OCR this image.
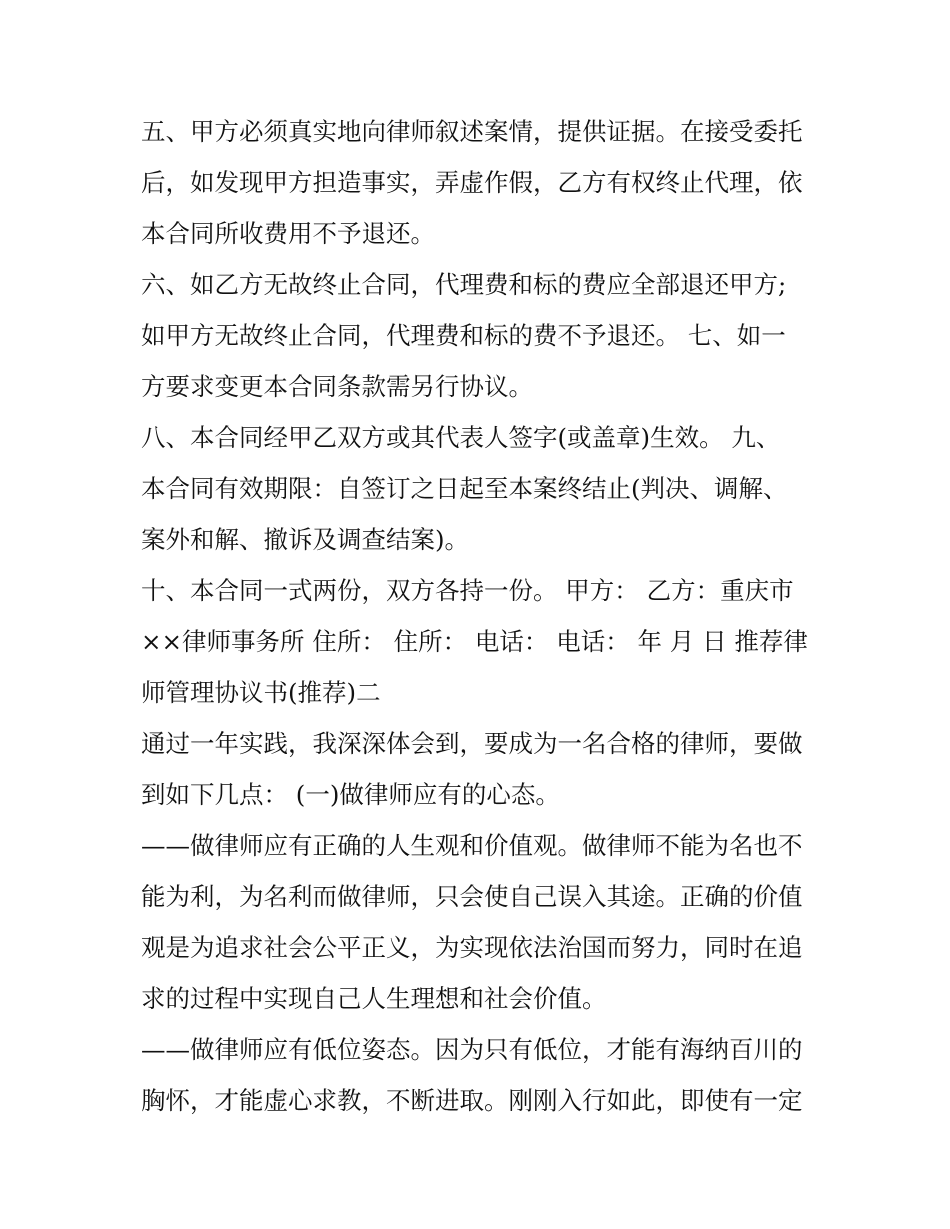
五、甲方必须真实地向律师叙述案情，提供证据。在接受委托
后，如发现甲方担造事实，弄虚作假，乙方有权终止代理，依
本合同所收费用不予退还。
六、如乙方无故终止合同，代理费和标的费应全部退还甲方;
如甲方无故终止合同，代理费和标的费不予退还。 七、如一
方要求变更本合同条款需另行协议。
八、本合同经甲乙双方或其代表人签字(或盖章)生效。 九、
本合同有效期限：自签订之日起至本案终结止(判决、调解、
案外和解、撤诉及调查结案)。
十、本合同一式两份，双方各持一份。 甲方： 乙方：重庆市
××律师事务所 住所： 住所： 电话： 电话： 年 月 日 推荐律
师管理协议书(推荐)二
通过一年实践，我深深体会到，要成为一名合格的律师，要做
到如下几点： (一)做律师应有的心态。
——做律师应有正确的人生观和价值观。做律师不能为名也不
能为利，为名利而做律师，只会使自己误入其途。正确的价值
观是为追求社会公平正义，为实现依法治国而努力，同时在追
求的过程中实现自己人生理想和社会价值。
——做律师应有低位姿态。因为只有低位，才能有海纳百川的
胸怀，才能虚心求教，不断进取。刚刚入行如此，即使有一定
